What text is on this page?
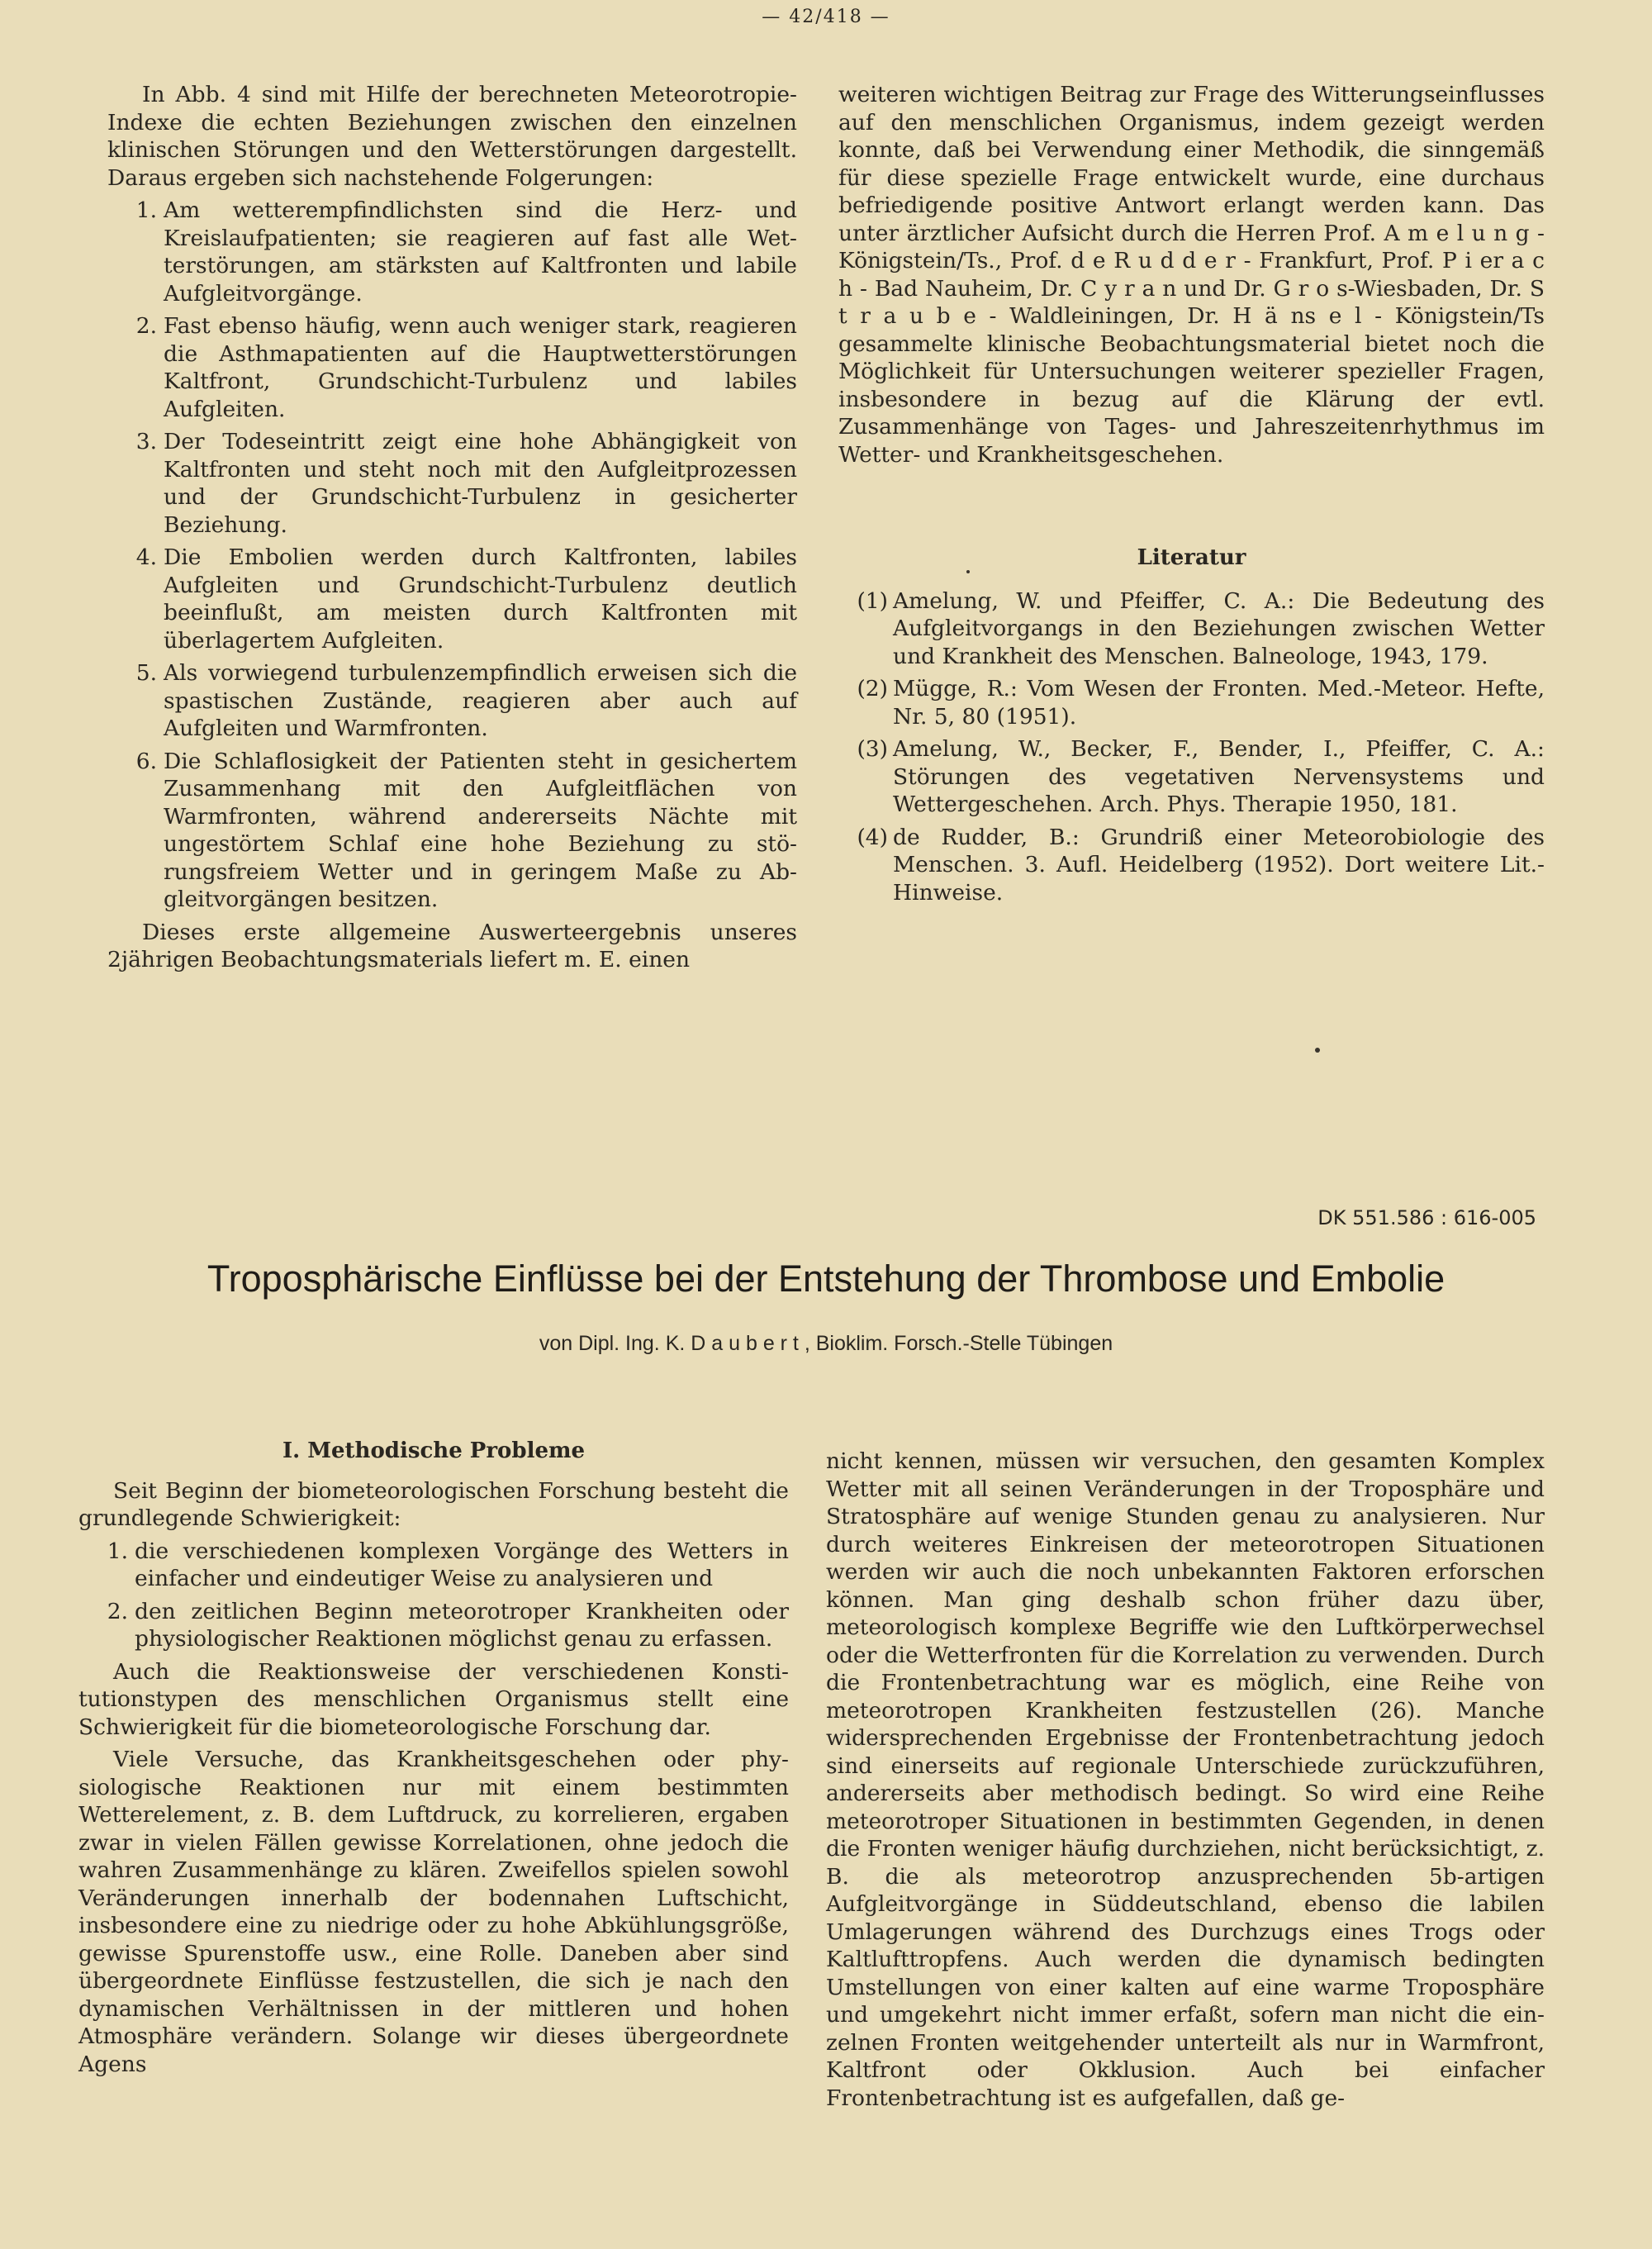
— 42/418 —

In Abb. 4 sind mit Hilfe der berechneten Meteorotropie-Indexe die echten Beziehungen zwischen den einzelnen klinischen Störungen und den Wetterstörungen dargestellt. Daraus ergeben sich nachstehende Folgerungen:

1. Am wetterempfindlichsten sind die Herz- und Kreislaufpatienten; sie reagieren auf fast alle Wetterstörungen, am stärksten auf Kaltfronten und labile Aufgleitvorgänge.
2. Fast ebenso häufig, wenn auch weniger stark, reagieren die Asthmapatienten auf die Hauptwetterstörungen Kaltfront, Grundschicht-Turbulenz und labiles Aufgleiten.
3. Der Todeseintritt zeigt eine hohe Abhängigkeit von Kaltfronten und steht noch mit den Aufgleitprozessen und der Grundschicht-Turbulenz in gesicherter Beziehung.
4. Die Embolien werden durch Kaltfronten, labiles Aufgleiten und Grundschicht-Turbulenz deutlich beeinflußt, am meisten durch Kaltfronten mit überlagertem Aufgleiten.
5. Als vorwiegend turbulenzempfindlich erweisen sich die spastischen Zustände, reagieren aber auch auf Aufgleiten und Warmfronten.
6. Die Schlaflosigkeit der Patienten steht in gesichertem Zusammenhang mit den Aufgleitflächen von Warmfronten, während andererseits Nächte mit ungestörtem Schlaf eine hohe Beziehung zu störungsfreiem Wetter und in geringem Maße zu Abgleitvorgängen besitzen.

Dieses erste allgemeine Auswerteergebnis unseres 2jährigen Beobachtungsmaterials liefert m. E. einen

weiteren wichtigen Beitrag zur Frage des Witterungseinflusses auf den menschlichen Organismus, indem gezeigt werden konnte, daß bei Verwendung einer Methodik, die sinngemäß für diese spezielle Frage entwickelt wurde, eine durchaus befriedigende positive Antwort erlangt werden kann. Das unter ärztlicher Aufsicht durch die Herren Prof. A m e l u n g - Königstein/Ts., Prof. d e R u d d e r - Frankfurt, Prof. P i er a c h - Bad Nauheim, Dr. C y r a n und Dr. G r o s-Wiesbaden, Dr. S t r a u b e - Waldleiningen, Dr. H ä ns e l - Königstein/Ts gesammelte klinische Beobachtungsmaterial bietet noch die Möglichkeit für Untersuchungen weiterer spezieller Fragen, insbesondere in bezug auf die Klärung der evtl. Zusammenhänge von Tages- und Jahreszeitenrhythmus im Wetter- und Krankheitsgeschehen.

Literatur
(1) Amelung, W. und Pfeiffer, C. A.: Die Bedeutung des Aufgleitvorgangs in den Beziehungen zwischen Wetter und Krankheit des Menschen. Balneologe, 1943, 179.
(2) Mügge, R.: Vom Wesen der Fronten. Med.-Meteor. Hefte, Nr. 5, 80 (1951).
(3) Amelung, W., Becker, F., Bender, I., Pfeiffer, C. A.: Störungen des vegetativen Nervensystems und Wettergeschehen. Arch. Phys. Therapie 1950, 181.
(4) de Rudder, B.: Grundriß einer Meteorobiologie des Menschen. 3. Aufl. Heidelberg (1952). Dort weitere Lit.-Hinweise.
DK 551.586 : 616-005
Troposphärische Einflüsse bei der Entstehung der Thrombose und Embolie
von Dipl. Ing. K. D a u b e r t , Bioklim. Forsch.-Stelle Tübingen
I. Methodische Probleme

Seit Beginn der biometeorologischen Forschung besteht die grundlegende Schwierigkeit:

1. die verschiedenen komplexen Vorgänge des Wetters in einfacher und eindeutiger Weise zu analysieren und
2. den zeitlichen Beginn meteorotroper Krankheiten oder physiologischer Reaktionen möglichst genau zu erfassen.

Auch die Reaktionsweise der verschiedenen Konstitutionstypen des menschlichen Organismus stellt eine Schwierigkeit für die biometeorologische Forschung dar.

Viele Versuche, das Krankheitsgeschehen oder physiologische Reaktionen nur mit einem bestimmten Wetterelement, z. B. dem Luftdruck, zu korrelieren, ergaben zwar in vielen Fällen gewisse Korrelationen, ohne jedoch die wahren Zusammenhänge zu klären. Zweifellos spielen sowohl Veränderungen innerhalb der bodennahen Luftschicht, insbesondere eine zu niedrige oder zu hohe Abkühlungsgröße, gewisse Spurenstoffe usw., eine Rolle. Daneben aber sind übergeordnete Einflüsse festzustellen, die sich je nach den dynamischen Verhältnissen in der mittleren und hohen Atmosphäre verändern. Solange wir dieses übergeordnete Agens

nicht kennen, müssen wir versuchen, den gesamten Komplex Wetter mit all seinen Veränderungen in der Troposphäre und Stratosphäre auf wenige Stunden genau zu analysieren. Nur durch weiteres Einkreisen der meteorotropen Situationen werden wir auch die noch unbekannten Faktoren erforschen können. Man ging deshalb schon früher dazu über, meteorologisch komplexe Begriffe wie den Luftkörperwechsel oder die Wetterfronten für die Korrelation zu verwenden. Durch die Frontenbetrachtung war es möglich, eine Reihe von meteorotropen Krankheiten festzustellen (26). Manche widersprechenden Ergebnisse der Frontenbetrachtung jedoch sind einerseits auf regionale Unterschiede zurückzuführen, andererseits aber methodisch bedingt. So wird eine Reihe meteorotroper Situationen in bestimmten Gegenden, in denen die Fronten weniger häufig durchziehen, nicht berücksichtigt, z. B. die als meteorotrop anzusprechenden 5b-artigen Aufgleitvorgänge in Süddeutschland, ebenso die labilen Umlagerungen während des Durchzugs eines Trogs oder Kaltlufttropfens. Auch werden die dynamisch bedingten Umstellungen von einer kalten auf eine warme Troposphäre und umgekehrt nicht immer erfaßt, sofern man nicht die einzelnen Fronten weitgehender unterteilt als nur in Warmfront, Kaltfront oder Okklusion. Auch bei einfacher Frontenbetrachtung ist es aufgefallen, daß ge-
